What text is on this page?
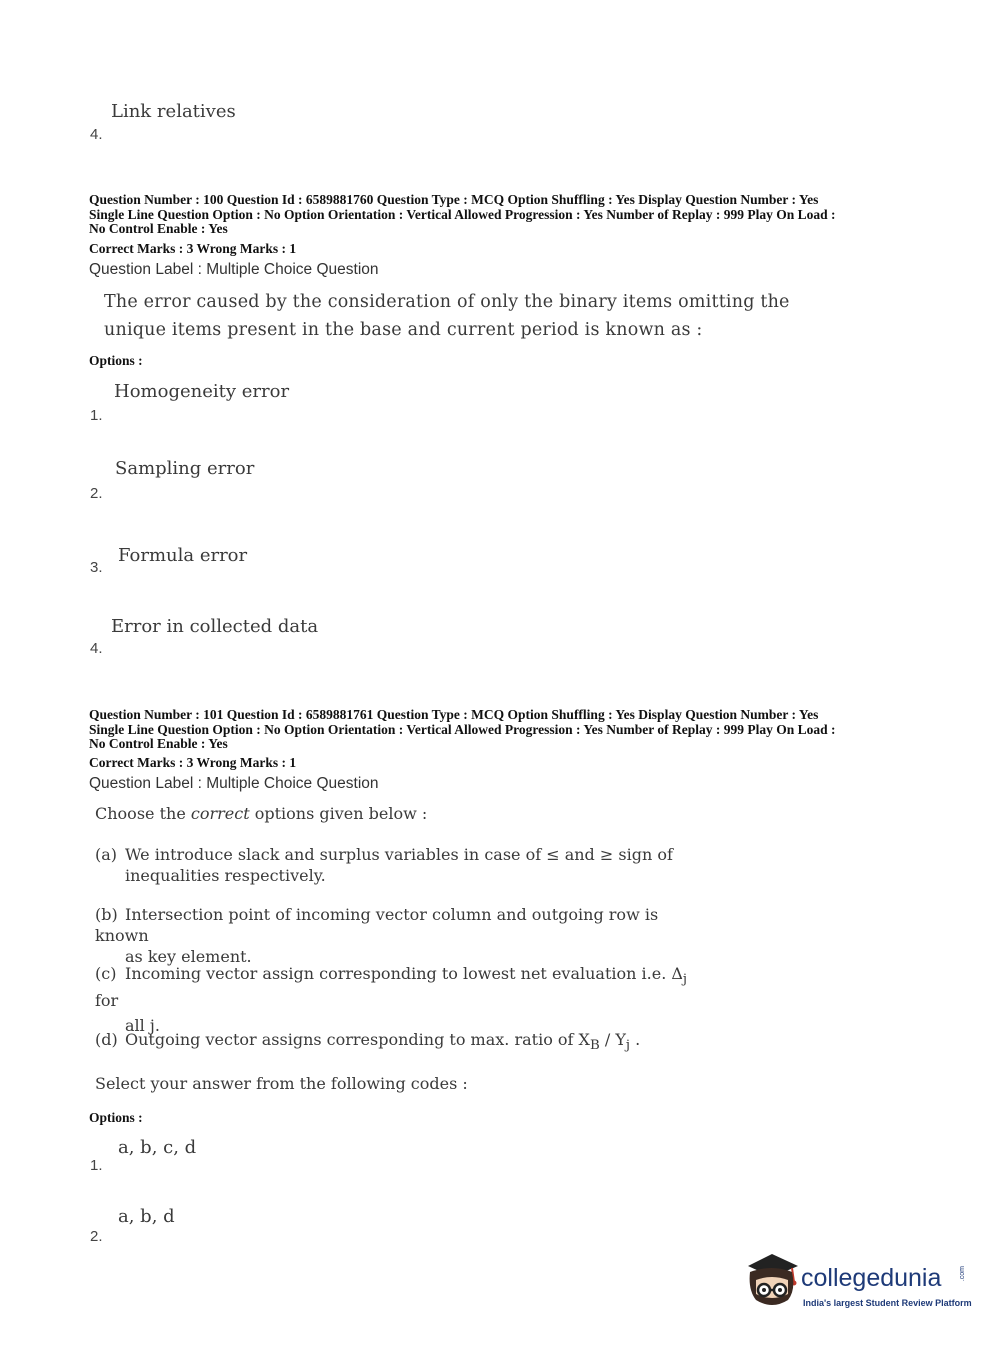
Link relatives
4.
Question Number : 100 Question Id : 6589881760 Question Type : MCQ Option Shuffling : Yes Display Question Number : Yes
Single Line Question Option : No Option Orientation : Vertical Allowed Progression : Yes Number of Replay : 999 Play On Load :
No Control Enable : Yes
Correct Marks : 3 Wrong Marks : 1
Question Label : Multiple Choice Question
The error caused by the consideration of only the binary items omitting the
unique items present in the base and current period is known as :
Options :
Homogeneity error
1.
Sampling error
2.
Formula error
3.
Error in collected data
4.
Question Number : 101 Question Id : 6589881761 Question Type : MCQ Option Shuffling : Yes Display Question Number : Yes
Single Line Question Option : No Option Orientation : Vertical Allowed Progression : Yes Number of Replay : 999 Play On Load :
No Control Enable : Yes
Correct Marks : 3 Wrong Marks : 1
Question Label : Multiple Choice Question
Choose the correct options given below :
(a) We introduce slack and surplus variables in case of ≤ and ≥ sign of
inequalities respectively.
(b) Intersection point of incoming vector column and outgoing row is known
as key element.
(c) Incoming vector assign corresponding to lowest net evaluation i.e. $\Delta_j$ for
all j.
(d) Outgoing vector assigns corresponding to max. ratio of $X_B / Y_j$ .
Select your answer from the following codes :
Options :
a, b, c, d
1.
a, b, d
2.
collegedunia	.com
India's largest Student Review Platform
